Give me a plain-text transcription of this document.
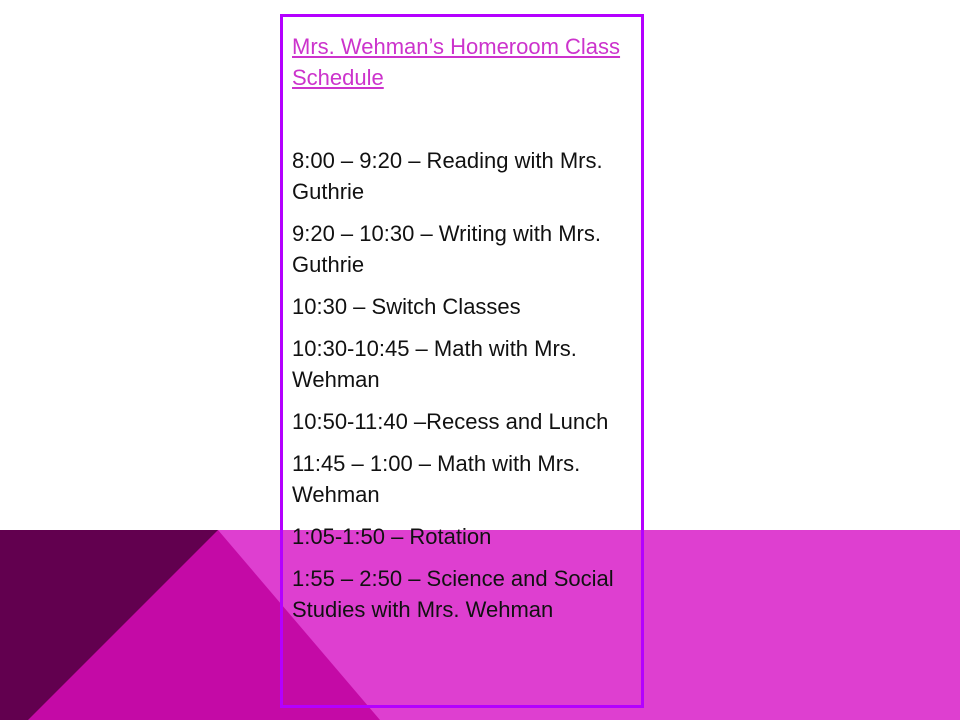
Mrs. Wehman’s Homeroom Class Schedule

8:00 – 9:20 – Reading with Mrs. Guthrie

9:20 – 10:30 – Writing with Mrs. Guthrie

10:30 – Switch Classes

10:30-10:45 – Math with Mrs. Wehman

10:50-11:40 –Recess and Lunch

11:45 – 1:00 – Math with Mrs. Wehman

1:05-1:50 – Rotation

1:55 – 2:50 – Science and Social Studies with Mrs. Wehman
